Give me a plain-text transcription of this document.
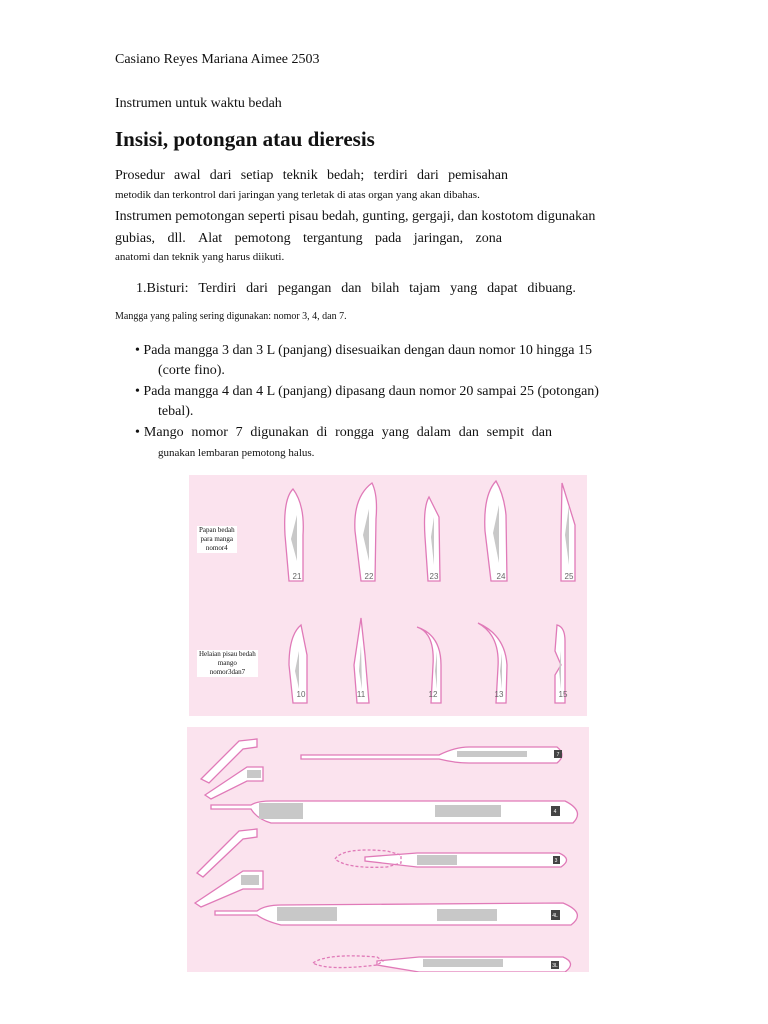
Casiano Reyes Mariana Aimee 2503
Instrumen untuk waktu bedah
Insisi, potongan atau dieresis
Prosedur awal dari setiap teknik bedah; terdiri dari pemisahan
metodik dan terkontrol dari jaringan yang terletak di atas organ yang akan dibahas.
Instrumen pemotongan seperti pisau bedah, gunting, gergaji, dan kostotom digunakan
gubias, dll. Alat pemotong tergantung pada jaringan, zona
anatomi dan teknik yang harus diikuti.
1.Bisturi: Terdiri dari pegangan dan bilah tajam yang dapat dibuang.
Mangga yang paling sering digunakan: nomor 3, 4, dan 7.
• Pada mangga 3 dan 3 L (panjang) disesuaikan dengan daun nomor 10 hingga 15
(corte fino).
• Pada mangga 4 dan 4 L (panjang) dipasang daun nomor 20 sampai 25 (potongan)
tebal).
• Mango nomor 7 digunakan di rongga yang dalam dan sempit dan
gunakan lembaran pemotong halus.
21	22	23	24	25
10	11	12	13	15
Papan bedah
para manga
nomor4
Helaian pisau bedah
mango
nomor3dan7
7
4
3
4L
3L
